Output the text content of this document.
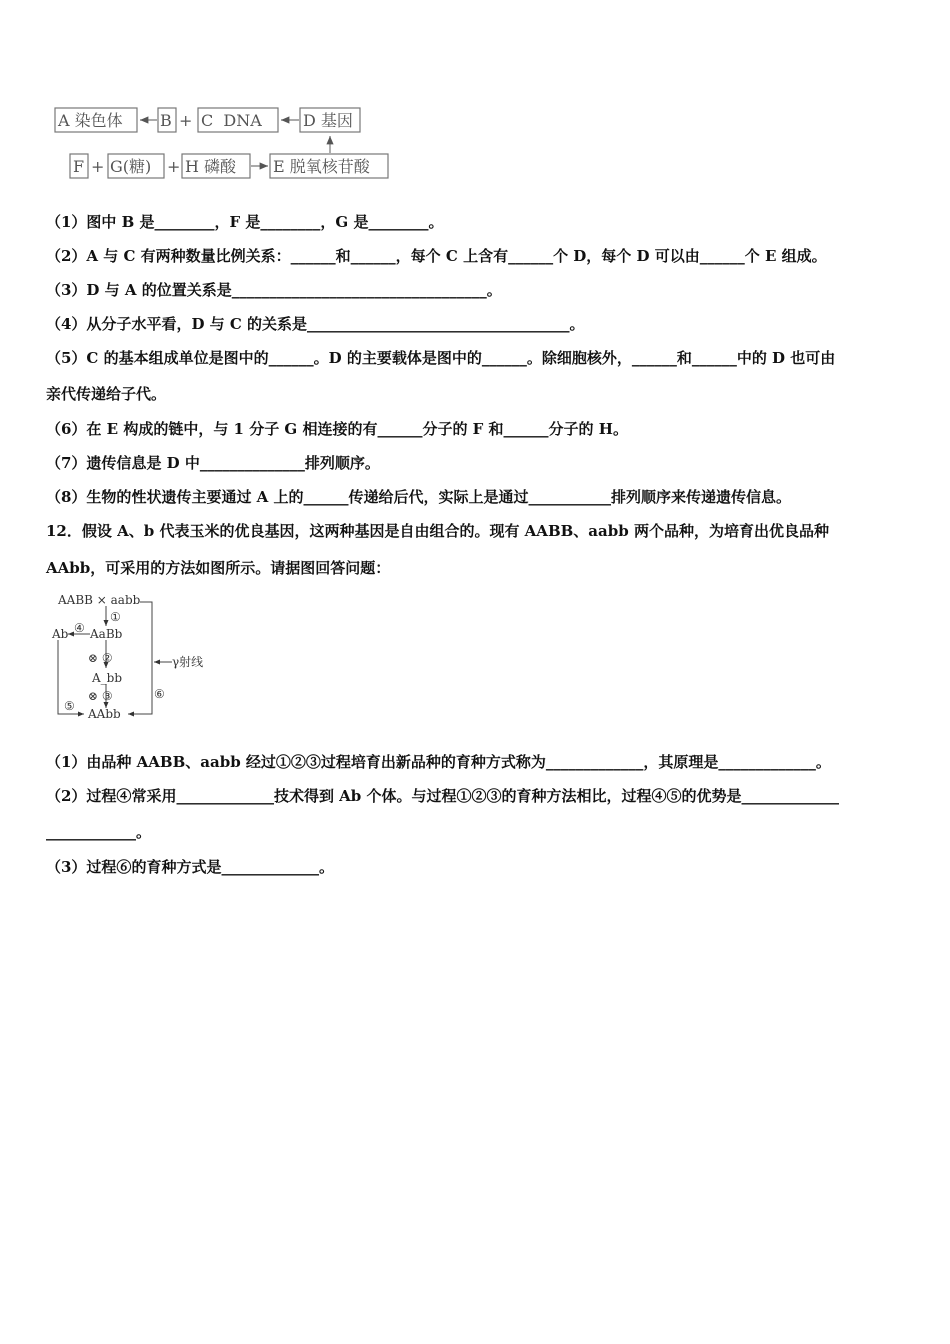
A 染色体 B C  DNA	D 基因
F G(糖) H 磷酸 E 脱氧核苷酸
+
+	+
（1）图中 B 是________，F 是________，G 是________。
（2）A 与 C 有两种数量比例关系：______和______，每个 C 上含有______个 D，每个 D 可以由______个 E 组成。
（3）D 与 A 的位置关系是__________________________________。
（4）从分子水平看，D 与 C 的关系是___________________________________。
（5）C 的基本组成单位是图中的______。D 的主要载体是图中的______。除细胞核外，______和______中的 D 也可由
亲代传递给子代。
（6）在 E 构成的链中，与 1 分子 G 相连接的有______分子的 F 和______分子的 H。
（7）遗传信息是 D 中______________排列顺序。
（8）生物的性状遗传主要通过 A 上的______传递给后代，实际上是通过___________排列顺序来传递遗传信息。
12．假设 A、b 代表玉米的优良基因，这两种基因是自由组合的。现有 AABB、aabb 两个品种，为培育出优良品种
AAbb，可采用的方法如图所示。请据图回答问题：
AABB × aabb
①
AaBb
Ab ④
⊗ ②
A_bb
⊗ ③
⑤
AAbb
⑥
γ射线
（1）由品种 AABB、aabb 经过①②③过程培育出新品种的育种方式称为_____________，其原理是_____________。
（2）过程④常采用_____________技术得到 Ab 个体。与过程①②③的育种方法相比，过程④⑤的优势是_____________
____________。
（3）过程⑥的育种方式是_____________。
